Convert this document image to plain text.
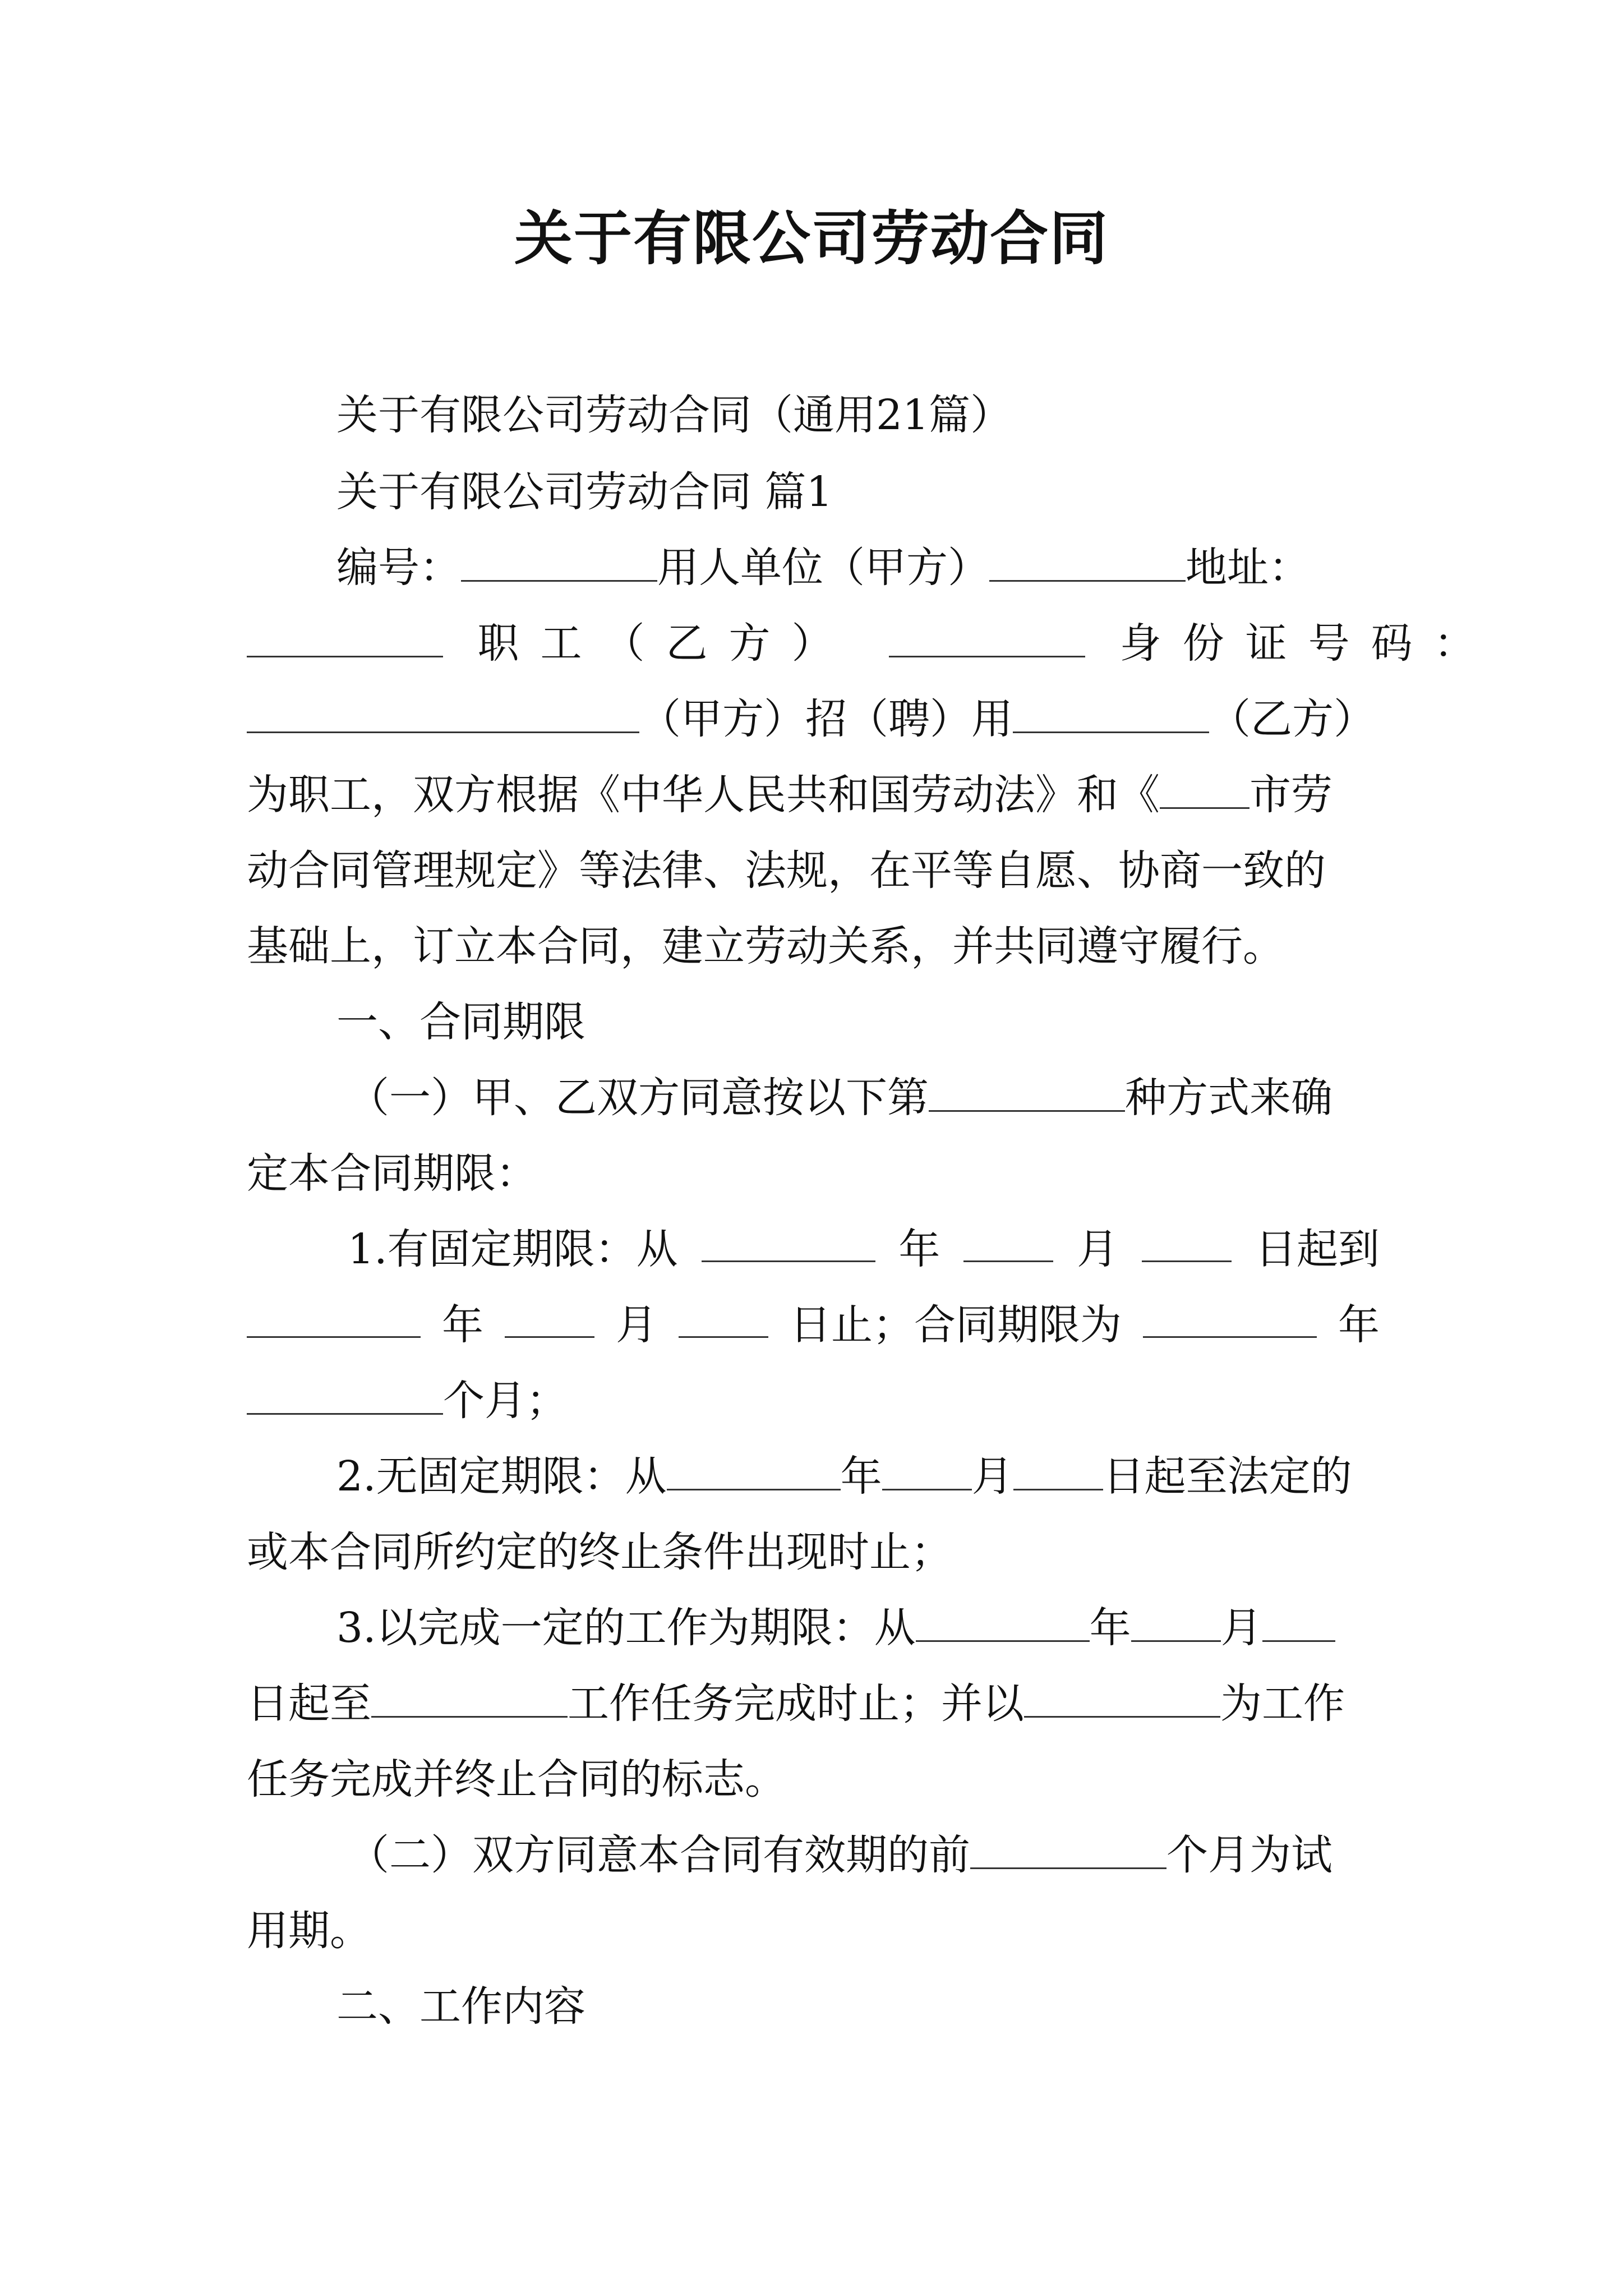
关于有限公司劳动合同
关于有限公司劳动合同（通用21篇）
关于有限公司劳动合同 篇1
编号：	用人单位（甲方）	地址：
职工（乙方）	身份证号码：
（甲方）招（聘）用	（乙方）
为职工，双方根据《中华人民共和国劳动法》和《 市劳
动合同管理规定》等法律、法规，在平等自愿、协商一致的
基础上，订立本合同，建立劳动关系，并共同遵守履行。
一、合同期限
（一）甲、乙双方同意按以下第	种方式来确
定本合同期限：
1.有固定期限：从	年	月	日起到
年	月	日止；合同期限为	年
个月；
2.无固定期限：从	年 月 日起至法定的
或本合同所约定的终止条件出现时止；
3.以完成一定的工作为期限：从	年 月
日起至	工作任务完成时止；并以	为工作
任务完成并终止合同的标志。
（二）双方同意本合同有效期的前	个月为试
用期。
二、工作内容
